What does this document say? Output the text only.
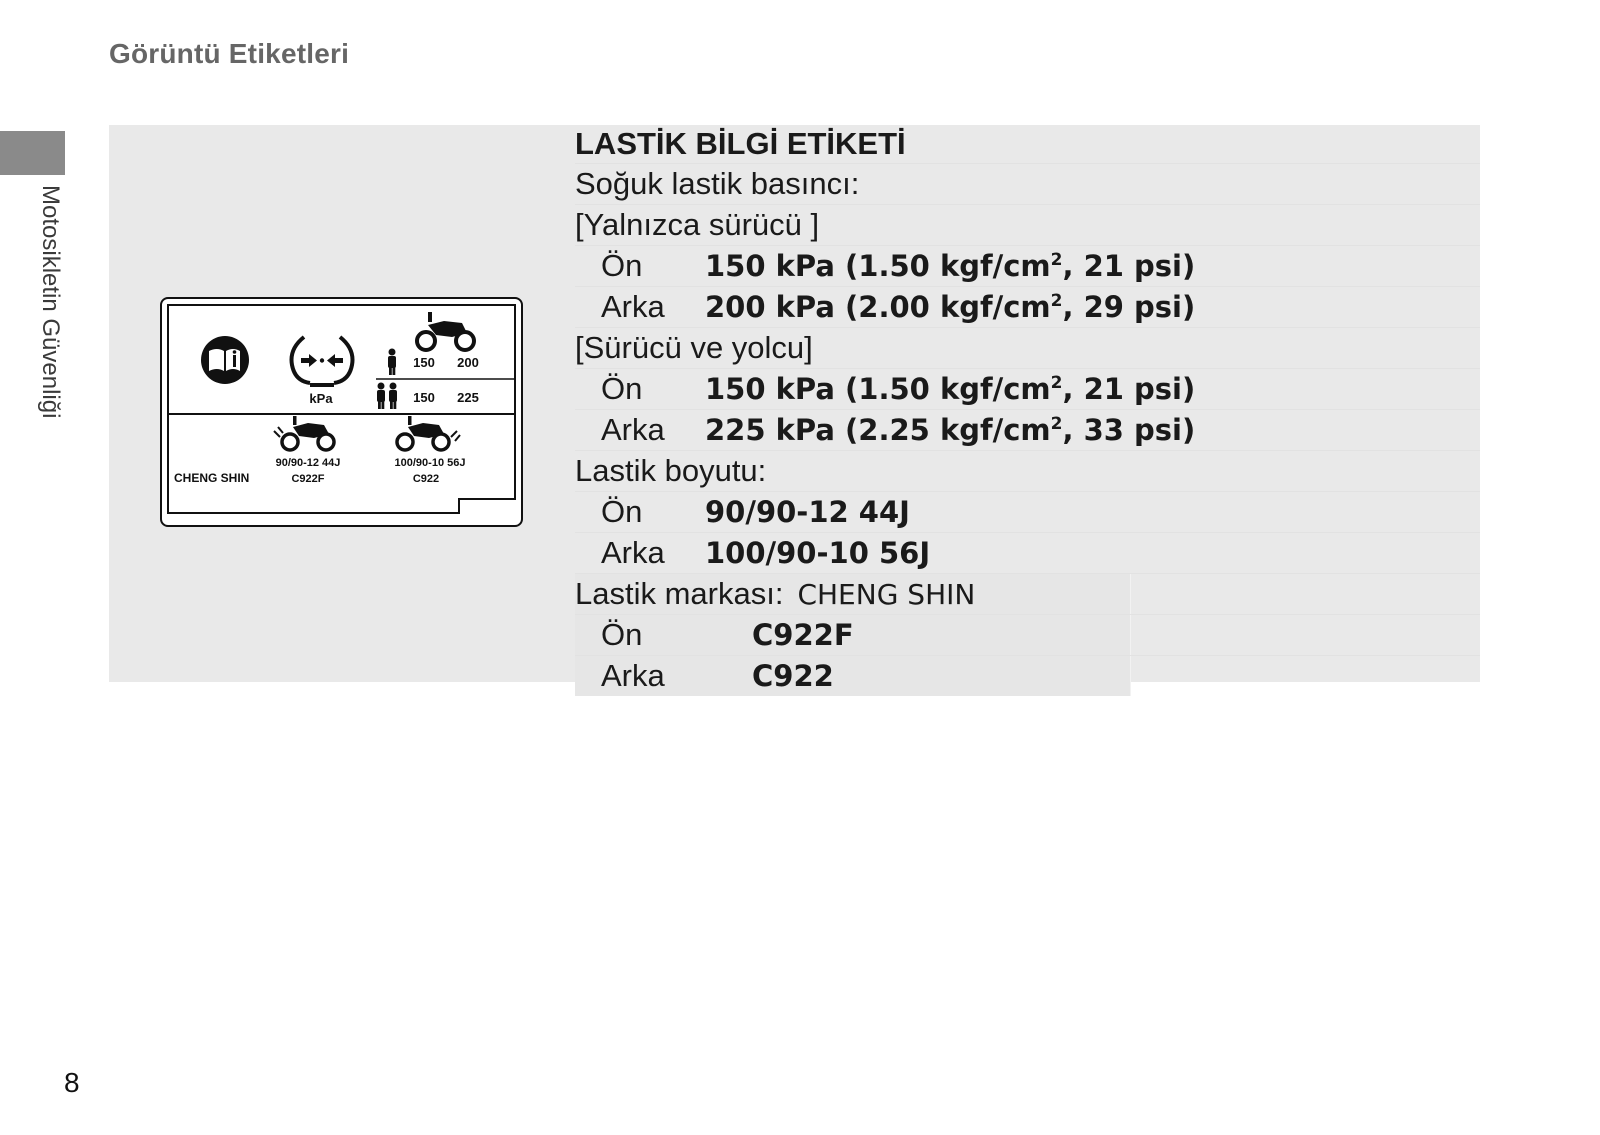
Görüntü Etiketleri
Motosikletin Güvenliği	kPa
150 200
150 225
90/90-12 44J
C922F
100/90-10 56J
C922
CHENG SHIN
LASTİK BİLGİ ETİKETİ
Soğuk lastik basıncı:
[Yalnızca sürücü ]
Ön	150 kPa (1.50 kgf/$cm^2$, 21 psi)
Arka	200 kPa (2.00 kgf/$cm^2$, 29 psi)
[Sürücü ve yolcu]
Ön	150 kPa (1.50 kgf/$cm^2$, 21 psi)
Arka	225 kPa (2.25 kgf/$cm^2$, 33 psi)
Lastik boyutu:
Ön	90/90-12 44J
Arka	100/90-10 56J
Lastik markası: CHENG SHIN
Ön	C922F
Arka	C922
8
